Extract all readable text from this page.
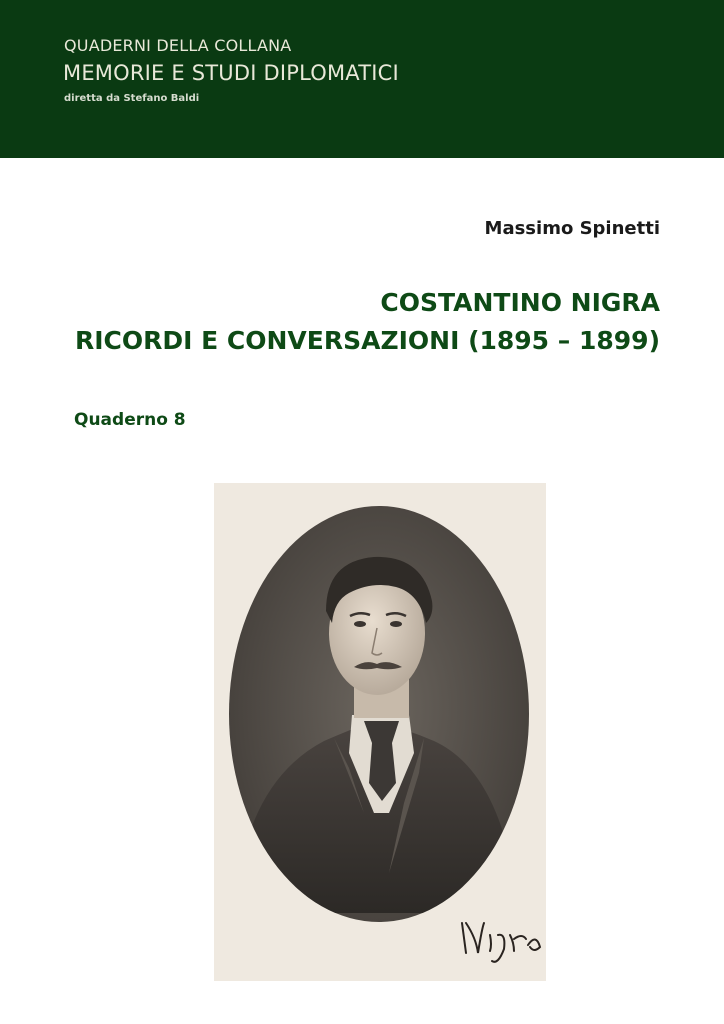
QUADERNI DELLA COLLANA
MEMORIE E STUDI DIPLOMATICI
diretta da Stefano Baldi
Massimo Spinetti
COSTANTINO NIGRA
RICORDI E CONVERSAZIONI (1895 – 1899)
Quaderno 8
